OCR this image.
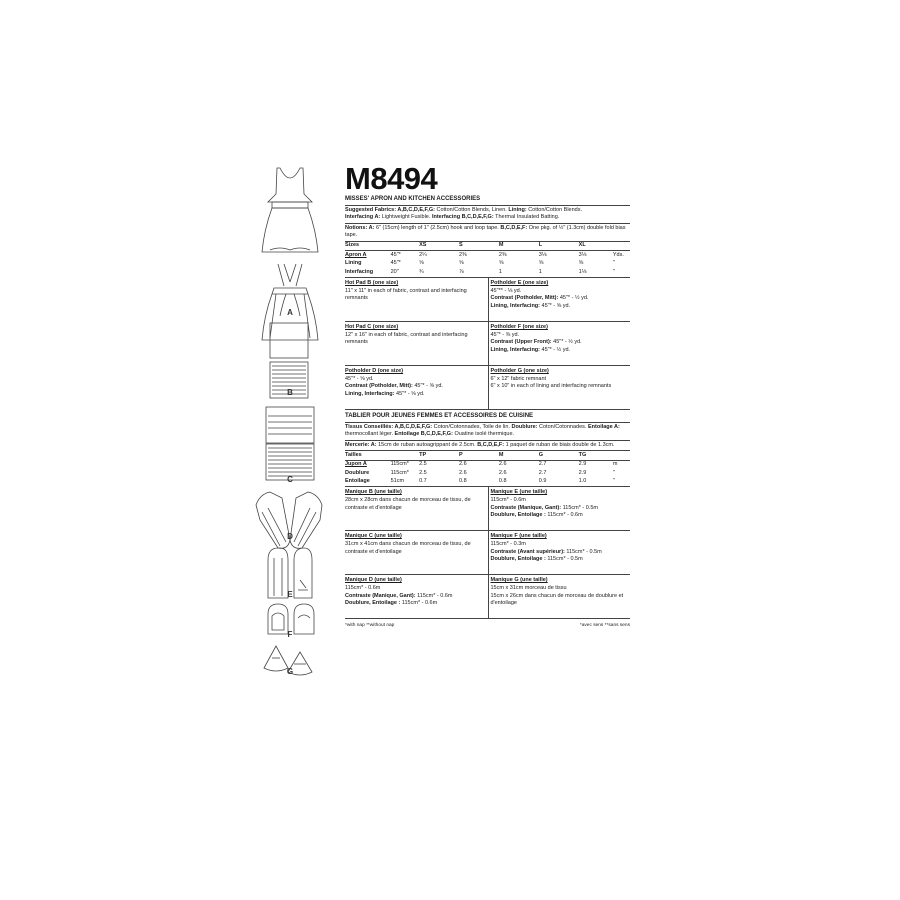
A
B
C
D
E
F
G
M8494
MISSES' APRON AND KITCHEN ACCESSORIES
Suggested Fabrics: A,B,C,D,E,F,G: Cotton/Cotton Blends, Linen. Lining: Cotton/Cotton Blends.
Interfacing A: Lightweight Fusible. Interfacing B,C,D,E,F,G: Thermal Insulated Batting.
Notions: A: 6" (15cm) length of 1" (2.5cm) hook and loop tape. B,C,D,E,F: One pkg. of ½" (1.3cm) double fold bias tape.
Sizes		XS	S	M	L	XL	
Apron A	45"*	2¼	2⅜	2⅜	3⅛	3⅛	Yds.
Lining	45"*	⅝	⅝	⅝	⅝	⅝	"
Interfacing	20"	¾	⅞	1	1	1⅛	"
Hot Pad B (one size)
11" x 11" in each of fabric, contrast and interfacing remnants
Potholder E (one size)
45"** - ⅛ yd.
Contrast (Potholder, Mitt): 45"* - ½ yd.
Lining, Interfacing: 45"* - ⅝ yd.
Hot Pad C (one size)
12" x 16" in each of fabric, contrast and interfacing remnants
Potholder F (one size)
45"* - ⅜ yd.
Contrast (Upper Front): 45"* - ½ yd.
Lining, Interfacing: 45"* - ½ yd.
Potholder D (one size)
45"* - ⅝ yd.
Contrast (Potholder, Mitt): 45"* - ⅝ yd.
Lining, Interfacing: 45"* - ⅝ yd.
Potholder G (one size)
6" x 12" fabric remnant
6" x 10" in each of lining and interfacing remnants
TABLIER POUR JEUNES FEMMES ET ACCESSOIRES DE CUISINE
Tissus Conseillés: A,B,C,D,E,F,G: Coton/Cotonnades, Toile de lin. Doublure: Coton/Cotonnades. Entoilage A: thermocollant léger. Entoilage B,C,D,E,F,G: Ouatine isolé thermique.
Mercerie: A: 15cm de ruban autoagrippant de 2.5cm. B,C,D,E,F: 1 paquet de ruban de biais double de 1.3cm.
Tailles		TP	P	M	G	TG	
Jupon A	115cm*	2.5	2.6	2.6	2.7	2.9	m
Doublure	115cm*	2.5	2.6	2.6	2.7	2.9	"
Entoilage	51cm	0.7	0.8	0.8	0.9	1.0	"
Manique B (une taille)
28cm x 28cm dans chacun de morceau de tissu, de contraste et d'entoilage
Manique E (une taille)
115cm* - 0.6m
Contraste (Manique, Gant): 115cm* - 0.5m
Doublure, Entoilage : 115cm* - 0.6m
Manique C (une taille)
31cm x 41cm dans chacun de morceau de tissu, de contraste et d'entoilage
Manique F (une taille)
115cm* - 0.3m
Contraste (Avant supérieur): 115cm* - 0.5m
Doublure, Entoilage : 115cm* - 0.5m
Manique D (une taille)
115cm* - 0.6m
Contraste (Manique, Gant): 115cm* - 0.6m
Doublure, Entoilage : 115cm* - 0.6m
Manique G (une taille)
15cm x 31cm morceau de tissu
15cm x 26cm dans chacun de morceau de doublure et d'entoilage
*with nap **without nap	*avec sens **sans sens
